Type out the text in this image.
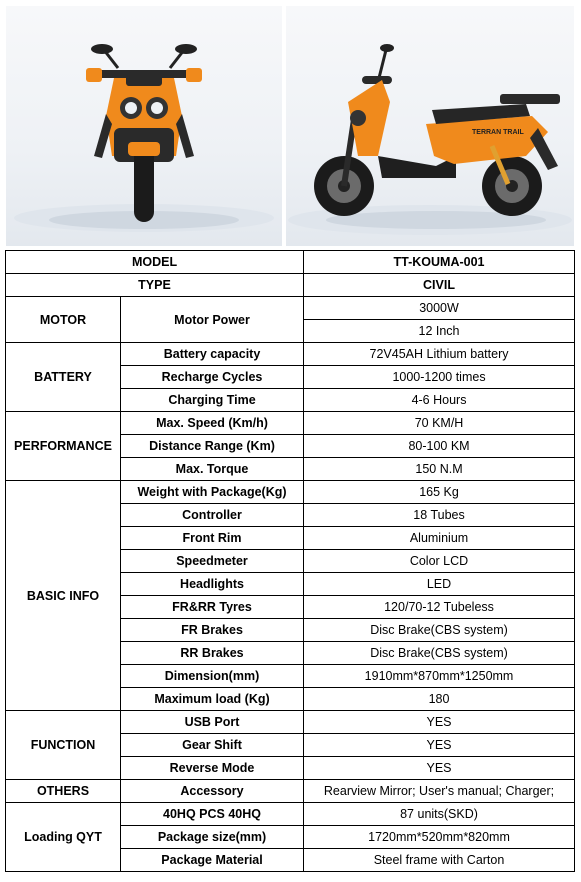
TERRAN TRAIL
MODEL		TT-KOUMA-001
TYPE		CIVIL
MOTOR	Motor Power	3000W
		12 Inch
BATTERY	Battery capacity	72V45AH Lithium battery
	Recharge Cycles	1000-1200 times
	Charging Time	4-6 Hours
PERFORMANCE	Max. Speed (Km/h)	70 KM/H
	Distance Range (Km)	80-100 KM
	Max. Torque	150 N.M
BASIC INFO	Weight with Package(Kg)	165 Kg
	Controller	18 Tubes
	Front Rim	Aluminium
	Speedmeter	Color LCD
	Headlights	LED
	FR&RR Tyres	120/70-12 Tubeless
	FR Brakes	Disc Brake(CBS system)
	RR Brakes	Disc Brake(CBS system)
	Dimension(mm)	1910mm*870mm*1250mm
	Maximum load (Kg)	180
FUNCTION	USB Port	YES
	Gear Shift	YES
	Reverse Mode	YES
OTHERS	Accessory	Rearview Mirror; User's manual; Charger;
Loading QYT	40HQ PCS 40HQ	87 units(SKD)
	Package size(mm)	1720mm*520mm*820mm
	Package Material	Steel frame with Carton
